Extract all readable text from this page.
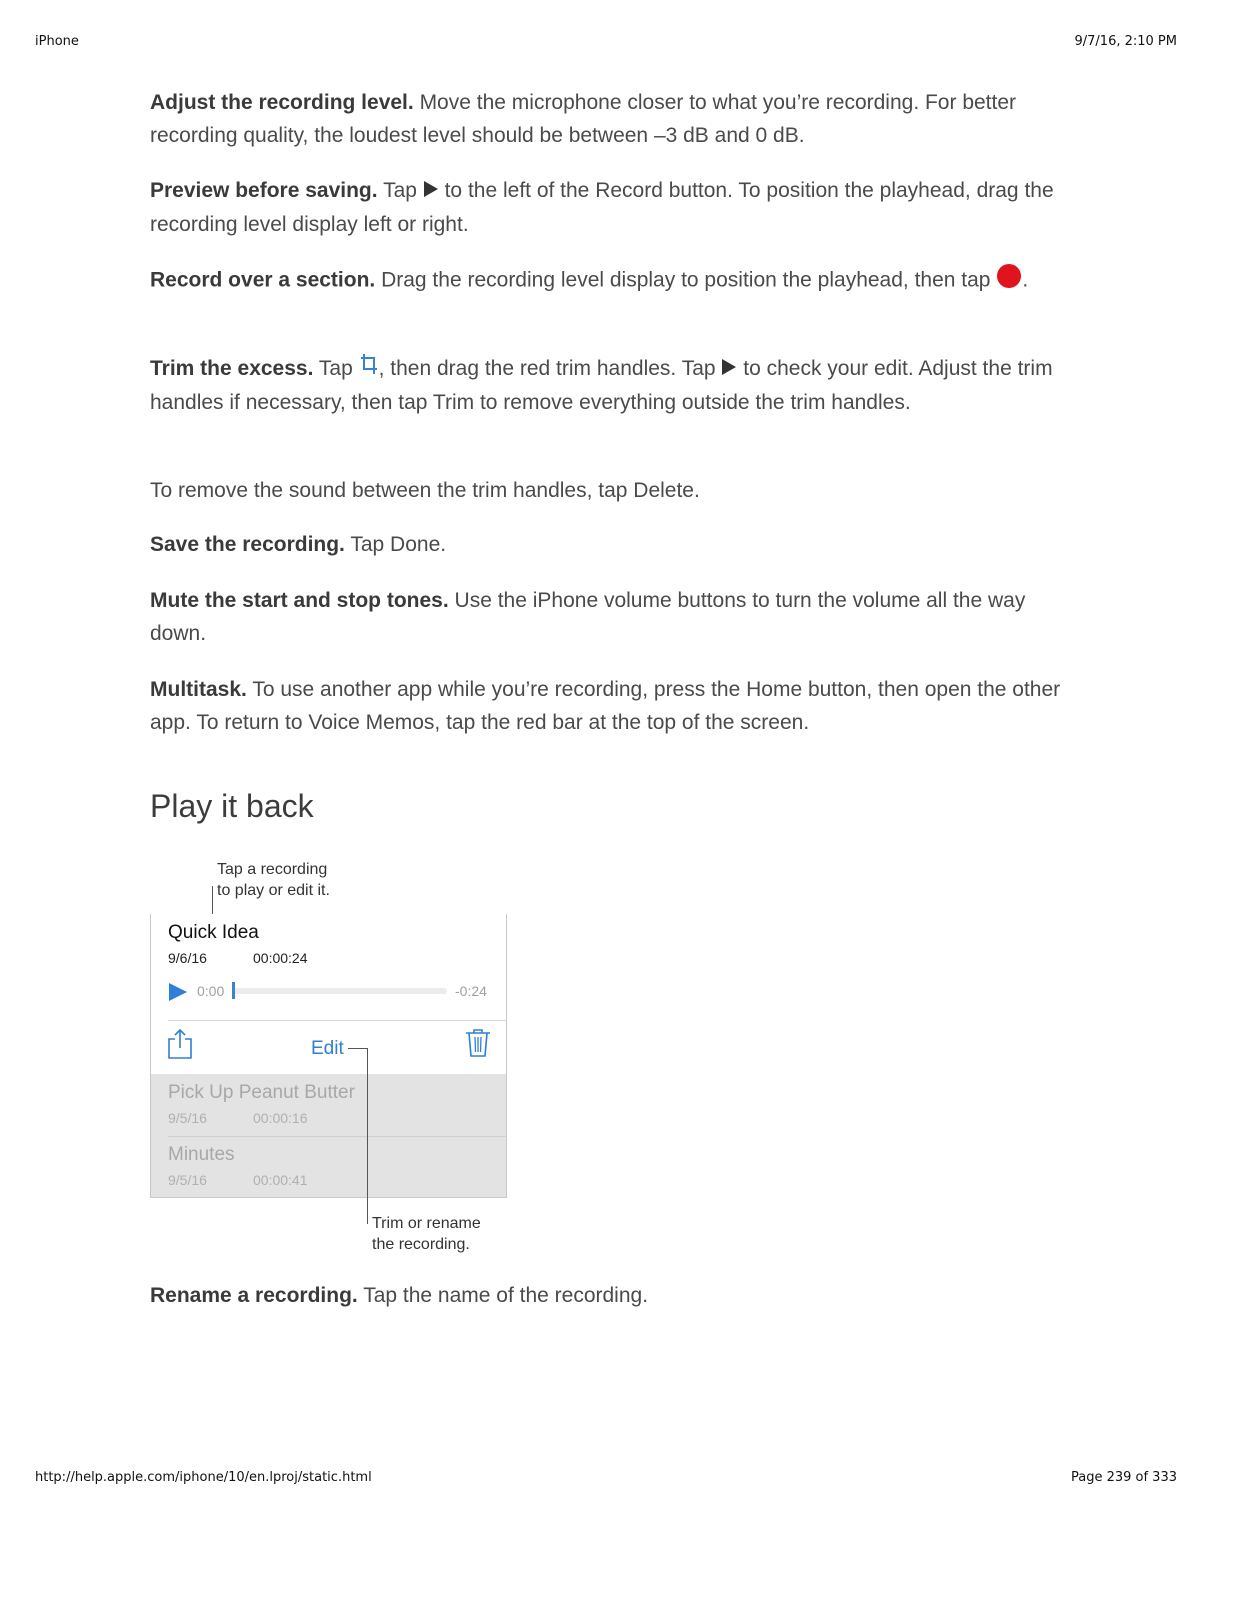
iPhone	9/7/16, 2:10 PM
Adjust the recording level. Move the microphone closer to what you’re recording. For better recording quality, the loudest level should be between –3 dB and 0 dB.
Preview before saving. Tap  to the left of the Record button. To position the playhead, drag the recording level display left or right.
Record over a section. Drag the recording level display to position the playhead, then tap .
Trim the excess. Tap , then drag the red trim handles. Tap  to check your edit. Adjust the trim handles if necessary, then tap Trim to remove everything outside the trim handles.
To remove the sound between the trim handles, tap Delete.
Save the recording. Tap Done.
Mute the start and stop tones. Use the iPhone volume buttons to turn the volume all the way down.
Multitask. To use another app while you’re recording, press the Home button, then open the other app. To return to Voice Memos, tap the red bar at the top of the screen.
Play it back
Tap a recording
to play or edit it.
Quick Idea
9/6/16	00:00:24
0:00	-0:24
Edit
Pick Up Peanut Butter
9/5/16	00:00:16
Minutes
9/5/16	00:00:41
Trim or rename
the recording.
Rename a recording. Tap the name of the recording.
http://help.apple.com/iphone/10/en.lproj/static.html	Page 239 of 333
